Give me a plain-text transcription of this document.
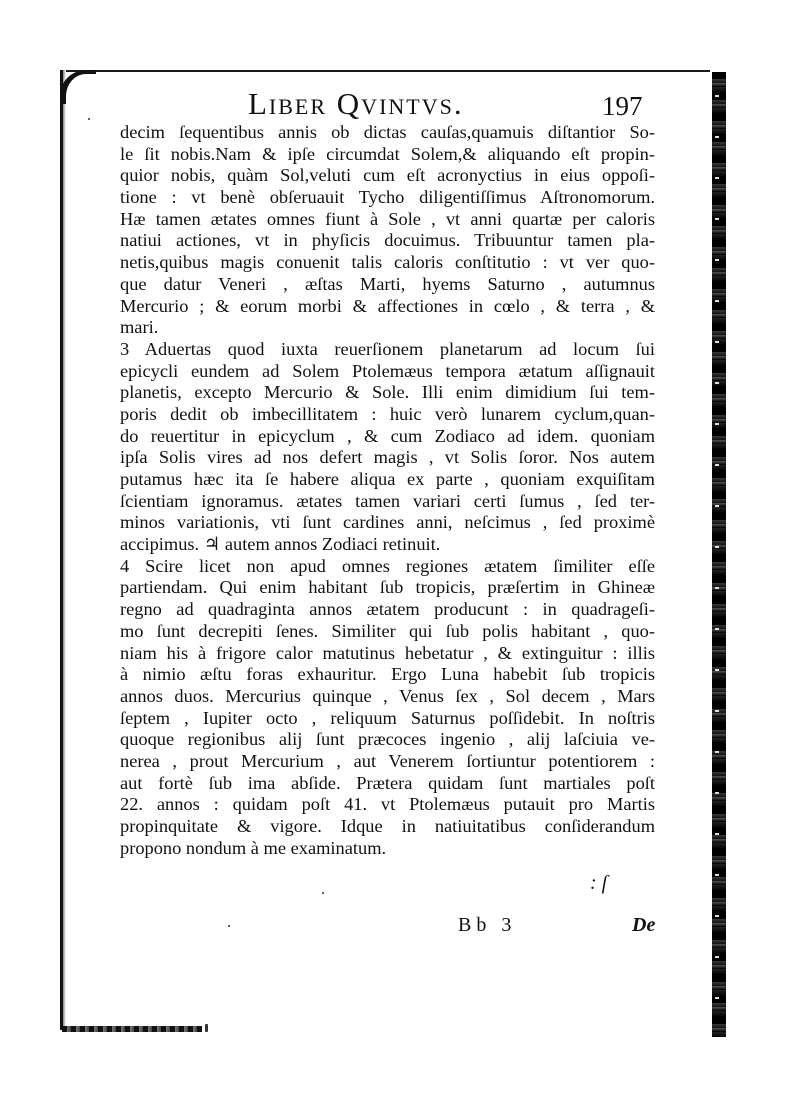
Liber Qvintvs.	197
decim ſequentibus annis ob dictas cauſas,quamuis diſtantior So-
le ſit nobis.Nam & ipſe circumdat Solem,& aliquando eſt propin-
quior nobis, quàm Sol,veluti cum eſt acronyctius in eius oppoſi-
tione : vt benè obſeruauit Tycho diligentiſſimus Aſtronomorum.
Hæ tamen ætates omnes fiunt à Sole , vt anni quartæ per caloris
natiui actiones, vt in phyſicis docuimus. Tribuuntur tamen pla-
netis,quibus magis conuenit talis caloris conſtitutio : vt ver quo-
que datur Veneri , æſtas Marti, hyems Saturno , autumnus
Mercurio ; & eorum morbi & affectiones in cœlo , & terra , &
mari.
3 Aduertas quod iuxta reuerſionem planetarum ad locum ſui
epicycli eundem ad Solem Ptolemæus tempora ætatum aſſignauit
planetis, excepto Mercurio & Sole. Illi enim dimidium ſui tem-
poris dedit ob imbecillitatem : huic verò lunarem cyclum,quan-
do reuertitur in epicyclum , & cum Zodiaco ad idem. quoniam
ipſa Solis vires ad nos defert magis , vt Solis ſoror. Nos autem
putamus hæc ita ſe habere aliqua ex parte , quoniam exquiſitam
ſcientiam ignoramus. ætates tamen variari certi ſumus , ſed ter-
minos variationis, vti ſunt cardines anni, neſcimus , ſed proximè
accipimus. ♃ autem annos Zodiaci retinuit.
4 Scire licet non apud omnes regiones ætatem ſimiliter eſſe
partiendam. Qui enim habitant ſub tropicis, præſertim in Ghineæ
regno ad quadraginta annos ætatem producunt : in quadrageſi-
mo ſunt decrepiti ſenes. Similiter qui ſub polis habitant , quo-
niam his à frigore calor matutinus hebetatur , & extinguitur : illis
à nimio æſtu foras exhauritur. Ergo Luna habebit ſub tropicis
annos duos. Mercurius quinque , Venus ſex , Sol decem , Mars
ſeptem , Iupiter octo , reliquum Saturnus poſſidebit. In noſtris
quoque regionibus alij ſunt præcoces ingenio , alij laſciuia ve-
nerea , prout Mercurium , aut Venerem ſortiuntur potentiorem :
aut fortè ſub ima abſide. Prætera quidam ſunt martiales poſt
22. annos : quidam poſt 41. vt Ptolemæus putauit pro Martis
propinquitate & vigore. Idque in natiuitatibus conſiderandum
propono nondum à me examinatum.
: ſ
Bb 3	De
